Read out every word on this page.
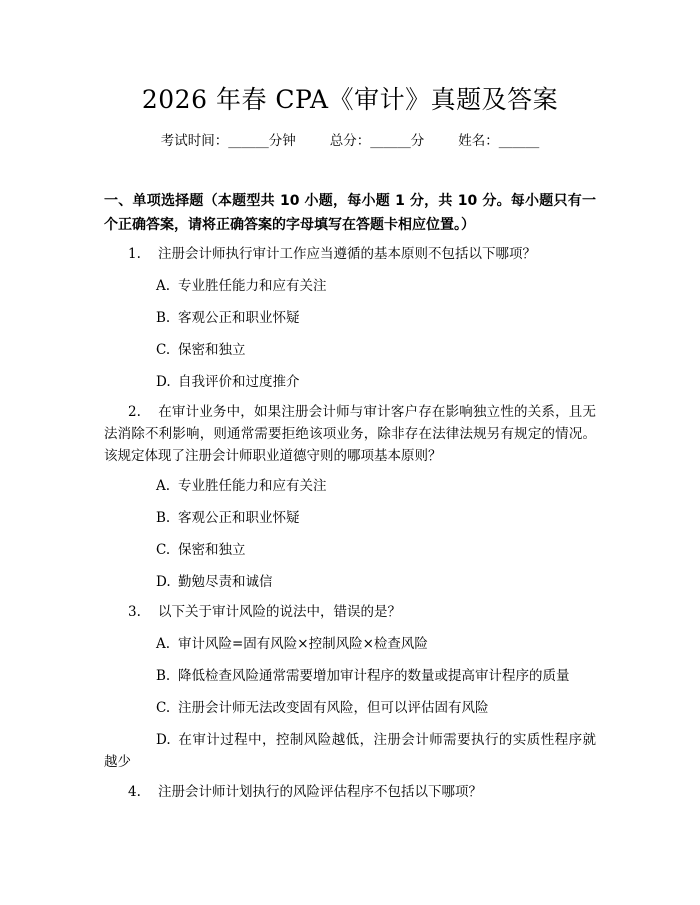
2026 年春 CPA《审计》真题及答案
考试时间：______分钟	总分：______分	姓名：______
一、单项选择题（本题型共 10 小题，每小题 1 分，共 10 分。每小题只有一个正确答案，请将正确答案的字母填写在答题卡相应位置。）
1. 注册会计师执行审计工作应当遵循的基本原则不包括以下哪项？
A. 专业胜任能力和应有关注
B. 客观公正和职业怀疑
C. 保密和独立
D. 自我评价和过度推介
2. 在审计业务中，如果注册会计师与审计客户存在影响独立性的关系，且无法消除不利影响，则通常需要拒绝该项业务，除非存在法律法规另有规定的情况。该规定体现了注册会计师职业道德守则的哪项基本原则？
A. 专业胜任能力和应有关注
B. 客观公正和职业怀疑
C. 保密和独立
D. 勤勉尽责和诚信
3. 以下关于审计风险的说法中，错误的是？
A. 审计风险=固有风险×控制风险×检查风险
B. 降低检查风险通常需要增加审计程序的数量或提高审计程序的质量
C. 注册会计师无法改变固有风险，但可以评估固有风险
D. 在审计过程中，控制风险越低，注册会计师需要执行的实质性程序就越少
4. 注册会计师计划执行的风险评估程序不包括以下哪项？
